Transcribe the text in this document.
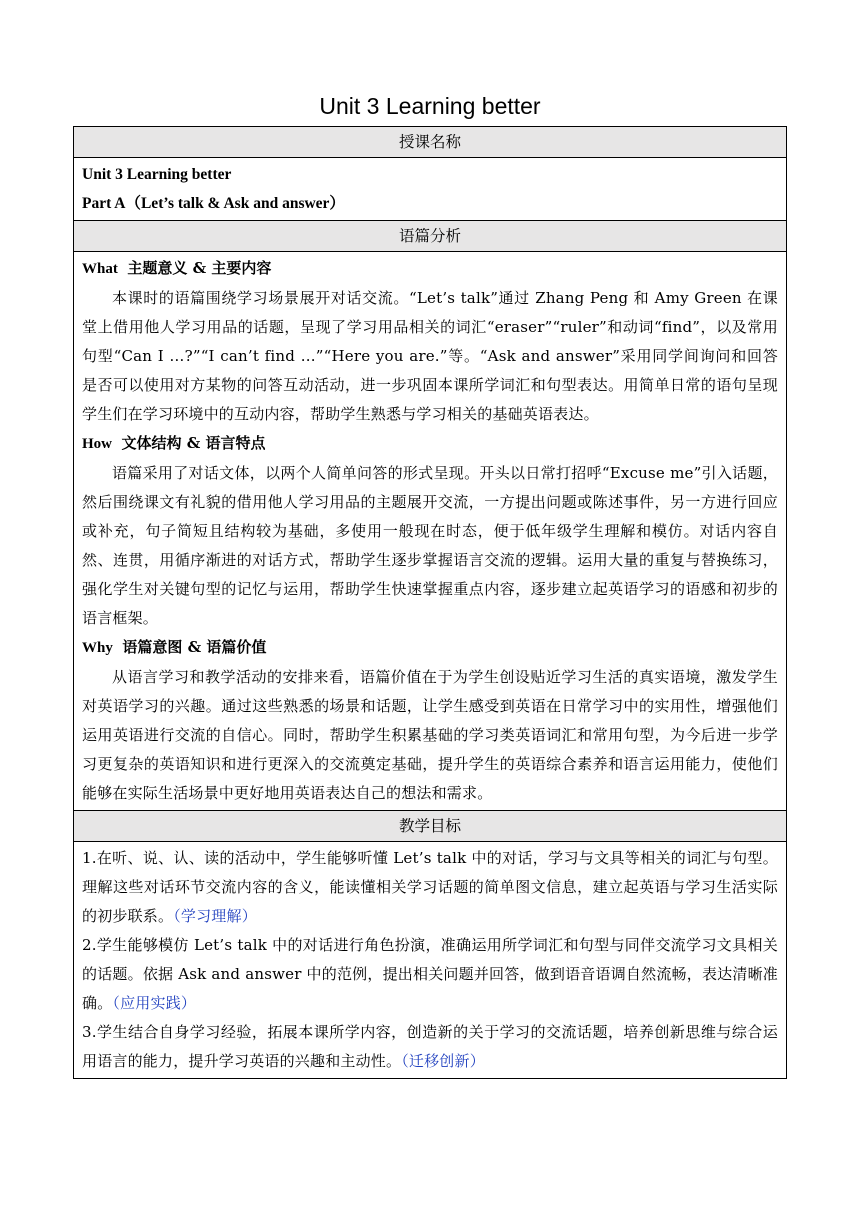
Unit 3 Learning better
授课名称

Unit 3 Learning better
Part A（Let’s talk & Ask and answer）

语篇分析

What 主题意义 & 主要内容

本课时的语篇围绕学习场景展开对话交流。“Let’s talk”通过 Zhang Peng 和 Amy Green 在课堂上借用他人学习用品的话题，呈现了学习用品相关的词汇“eraser”“ruler”和动词“find”，以及常用句型“Can I …?”“I can’t find …”“Here you are.”等。“Ask and answer”采用同学间询问和回答是否可以使用对方某物的问答互动活动，进一步巩固本课所学词汇和句型表达。用简单日常的语句呈现学生们在学习环境中的互动内容，帮助学生熟悉与学习相关的基础英语表达。

How 文体结构 & 语言特点

语篇采用了对话文体，以两个人简单问答的形式呈现。开头以日常打招呼“Excuse me”引入话题，然后围绕课文有礼貌的借用他人学习用品的主题展开交流，一方提出问题或陈述事件，另一方进行回应或补充，句子简短且结构较为基础，多使用一般现在时态，便于低年级学生理解和模仿。对话内容自然、连贯，用循序渐进的对话方式，帮助学生逐步掌握语言交流的逻辑。运用大量的重复与替换练习，强化学生对关键句型的记忆与运用，帮助学生快速掌握重点内容，逐步建立起英语学习的语感和初步的语言框架。

Why 语篇意图 & 语篇价值

从语言学习和教学活动的安排来看，语篇价值在于为学生创设贴近学习生活的真实语境，激发学生对英语学习的兴趣。通过这些熟悉的场景和话题，让学生感受到英语在日常学习中的实用性，增强他们运用英语进行交流的自信心。同时，帮助学生积累基础的学习类英语词汇和常用句型，为今后进一步学习更复杂的英语知识和进行更深入的交流奠定基础，提升学生的英语综合素养和语言运用能力，使他们能够在实际生活场景中更好地用英语表达自己的想法和需求。

教学目标

1.在听、说、认、读的活动中，学生能够听懂 Let’s talk 中的对话，学习与文具等相关的词汇与句型。理解这些对话环节交流内容的含义，能读懂相关学习话题的简单图文信息，建立起英语与学习生活实际的初步联系。（学习理解）

2.学生能够模仿 Let’s talk 中的对话进行角色扮演，准确运用所学词汇和句型与同伴交流学习文具相关的话题。依据 Ask and answer 中的范例，提出相关问题并回答，做到语音语调自然流畅，表达清晰准确。（应用实践）

3.学生结合自身学习经验，拓展本课所学内容，创造新的关于学习的交流话题，培养创新思维与综合运用语言的能力，提升学习英语的兴趣和主动性。（迁移创新）
